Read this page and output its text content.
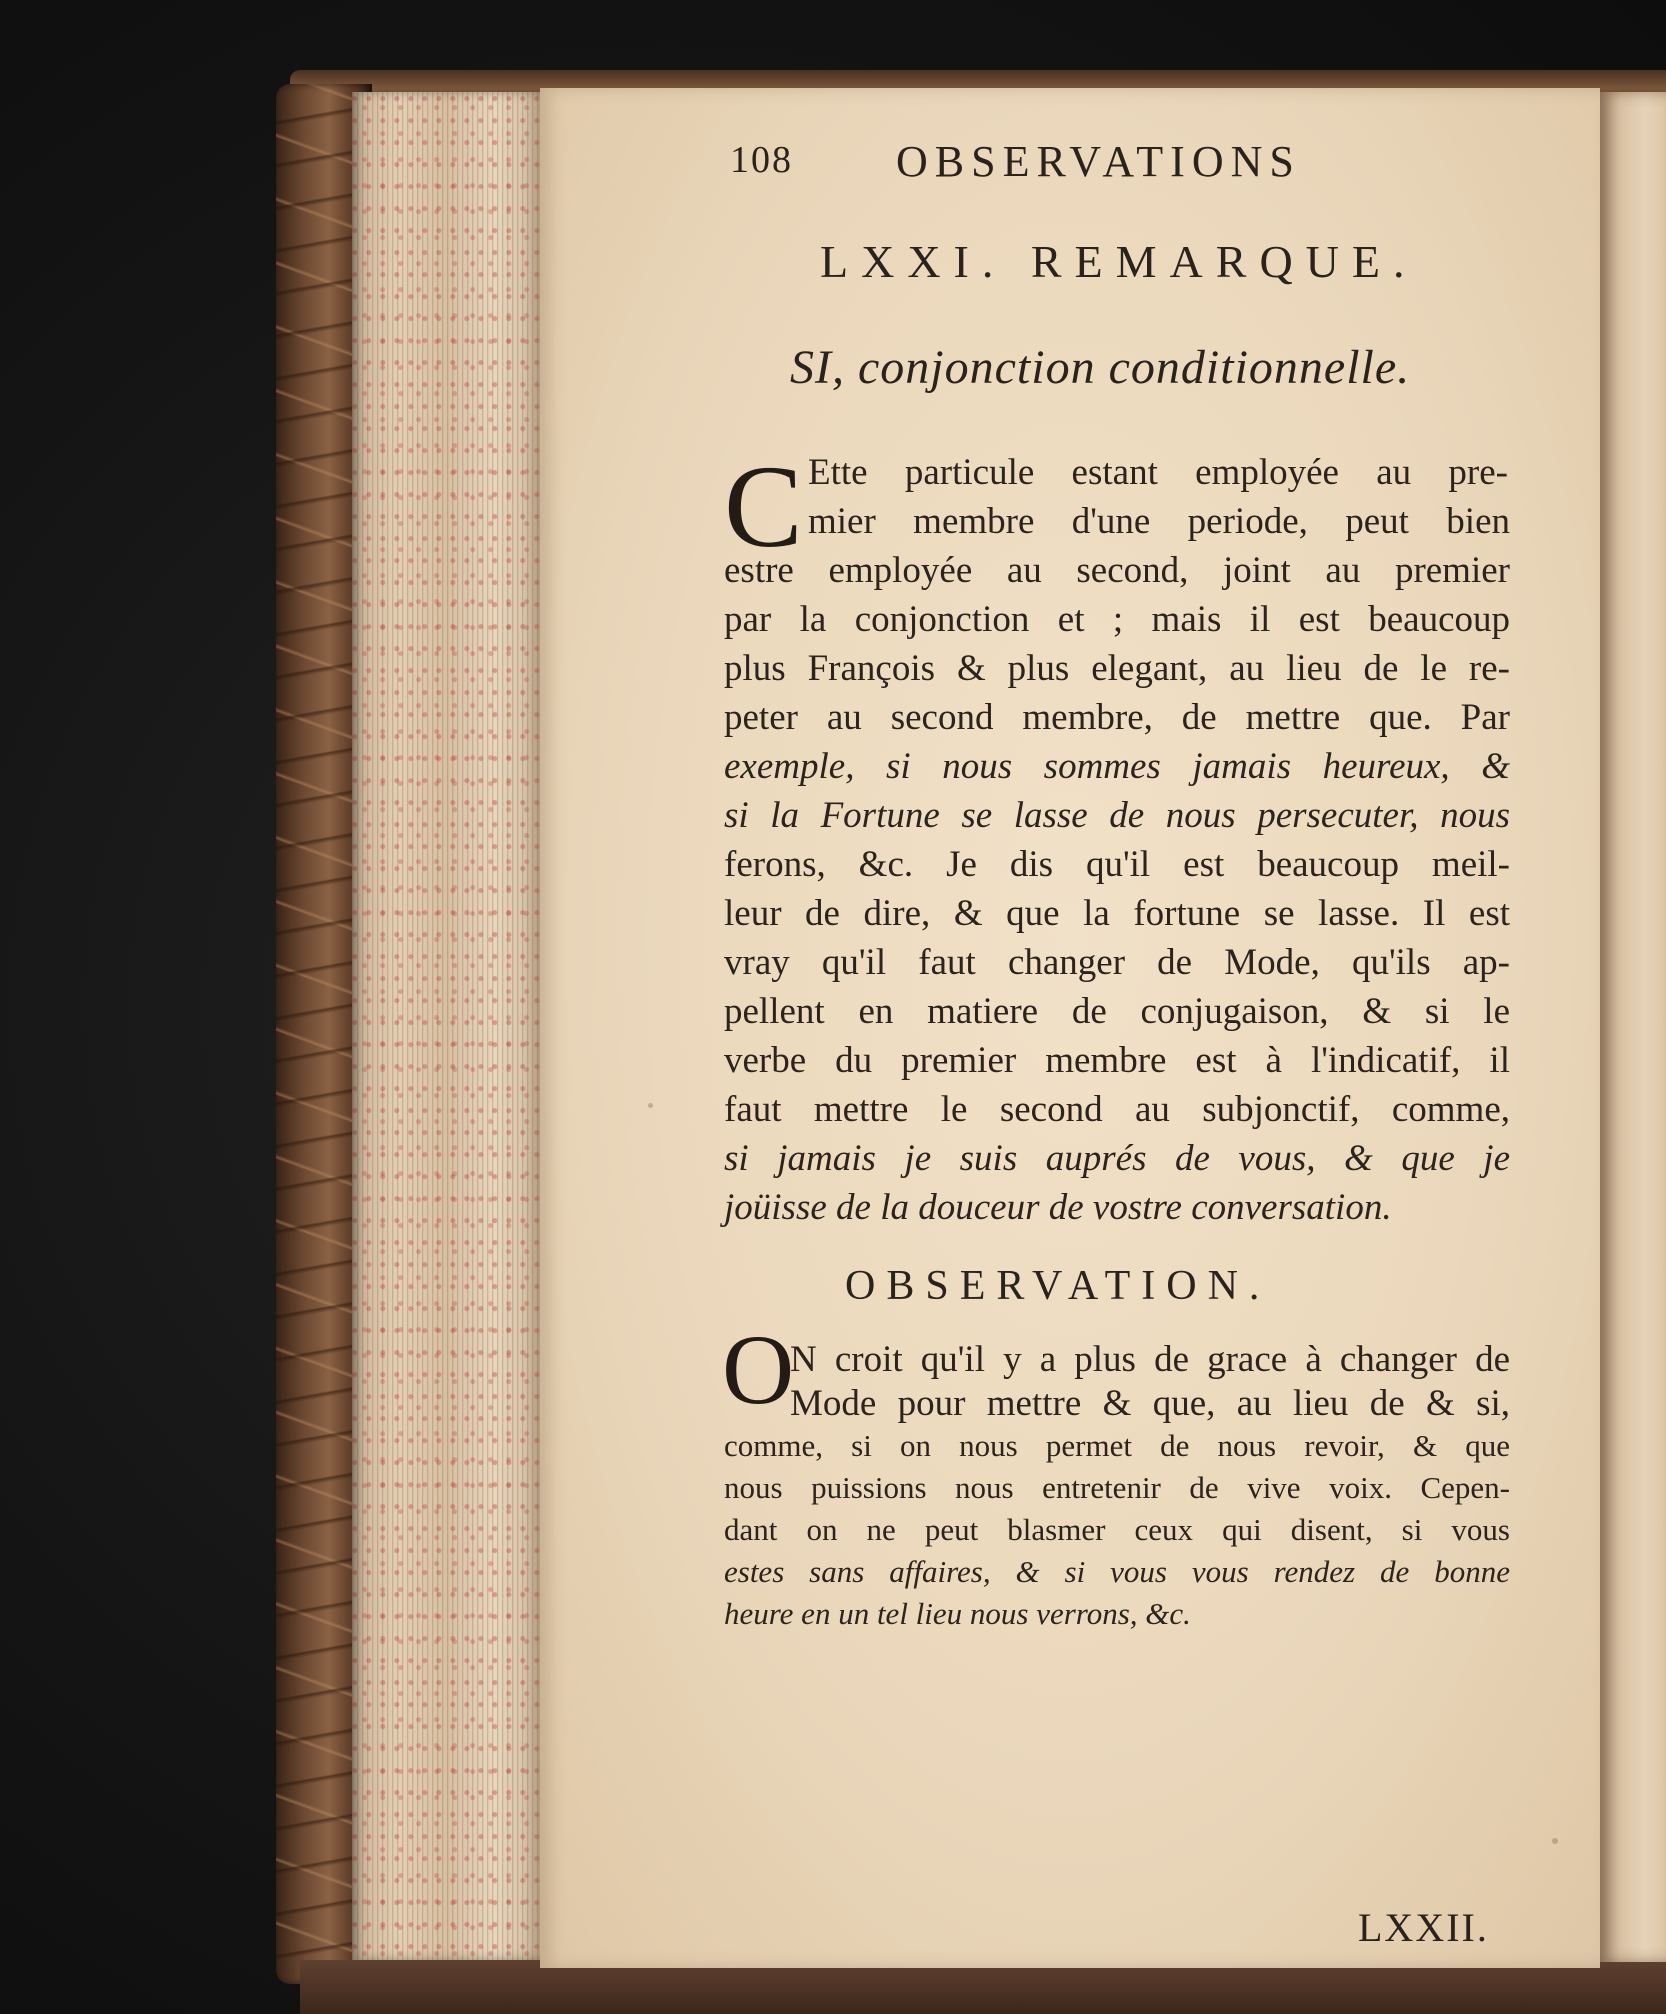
108 OBSERVATIONS
LXXI. REMARQUE.
SI, conjonction conditionnelle.
C Ette particule estant employée au pre-
mier membre d'une periode, peut bien
estre employée au second, joint au premier
par la conjonction et ; mais il est beaucoup
plus François & plus elegant, au lieu de le re-
peter au second membre, de mettre que. Par
exemple, si nous sommes jamais heureux, &
si la Fortune se lasse de nous persecuter, nous
ferons, &c. Je dis qu'il est beaucoup meil-
leur de dire, & que la fortune se lasse. Il est
vray qu'il faut changer de Mode, qu'ils ap-
pellent en matiere de conjugaison, & si le
verbe du premier membre est à l'indicatif, il
faut mettre le second au subjonctif, comme,
si jamais je suis auprés de vous, & que je
joüisse de la douceur de vostre conversation.
OBSERVATION.
O
N croit qu'il y a plus de grace à changer de
Mode pour mettre & que, au lieu de & si,
comme, si on nous permet de nous revoir, & que
nous puissions nous entretenir de vive voix. Cepen-
dant on ne peut blasmer ceux qui disent, si vous
estes sans affaires, & si vous vous rendez de bonne
heure en un tel lieu nous verrons, &c.
LXXII.
